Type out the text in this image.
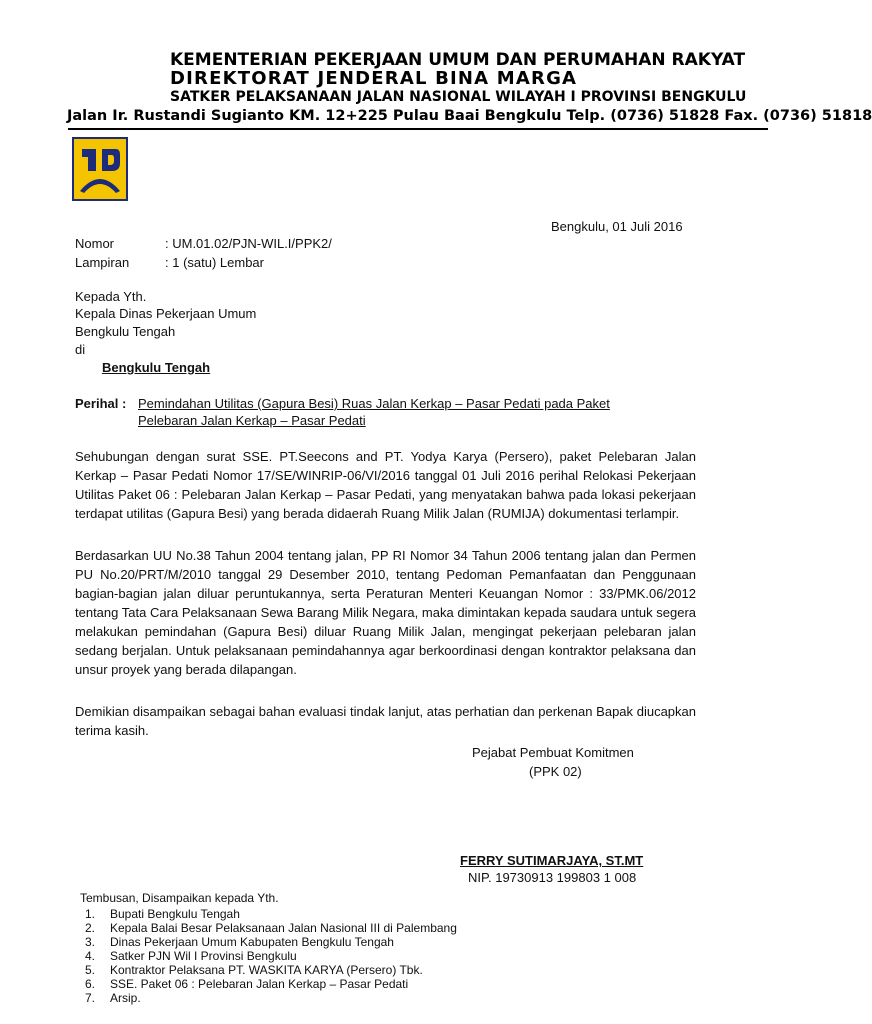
KEMENTERIAN PEKERJAAN UMUM DAN PERUMAHAN RAKYAT
DIREKTORAT JENDERAL BINA MARGA
SATKER PELAKSANAAN JALAN NASIONAL WILAYAH I PROVINSI BENGKULU
Jalan Ir. Rustandi Sugianto KM. 12+225 Pulau Baai Bengkulu Telp. (0736) 51828 Fax. (0736) 51818
Bengkulu, 01 Juli 2016
Nomor	: UM.01.02/PJN-WIL.I/PPK2/
Lampiran	: 1 (satu) Lembar
Kepada Yth.
Kepala Dinas Pekerjaan Umum
Bengkulu Tengah
di
Bengkulu Tengah
Perihal : Pemindahan Utilitas (Gapura Besi) Ruas Jalan Kerkap – Pasar Pedati pada Paket
Pelebaran Jalan Kerkap – Pasar Pedati
Sehubungan dengan surat SSE. PT.Seecons and PT. Yodya Karya (Persero), paket Pelebaran Jalan Kerkap – Pasar Pedati Nomor 17/SE/WINRIP-06/VI/2016 tanggal 01 Juli 2016 perihal Relokasi Pekerjaan Utilitas Paket 06 : Pelebaran Jalan Kerkap – Pasar Pedati, yang menyatakan bahwa pada lokasi pekerjaan terdapat utilitas (Gapura Besi) yang berada didaerah Ruang Milik Jalan (RUMIJA) dokumentasi terlampir.
Berdasarkan UU No.38 Tahun 2004 tentang jalan, PP RI Nomor 34 Tahun 2006 tentang jalan dan Permen PU No.20/PRT/M/2010 tanggal 29 Desember 2010, tentang Pedoman Pemanfaatan dan Penggunaan bagian-bagian jalan diluar peruntukannya, serta Peraturan Menteri Keuangan Nomor : 33/PMK.06/2012 tentang Tata Cara Pelaksanaan Sewa Barang Milik Negara, maka dimintakan kepada saudara untuk segera melakukan pemindahan (Gapura Besi) diluar Ruang Milik Jalan, mengingat pekerjaan pelebaran jalan sedang berjalan. Untuk pelaksanaan pemindahannya agar berkoordinasi dengan kontraktor pelaksana dan unsur proyek yang berada dilapangan.
Demikian disampaikan sebagai bahan evaluasi tindak lanjut, atas perhatian dan perkenan Bapak diucapkan terima kasih.
Pejabat Pembuat Komitmen
(PPK 02)
FERRY SUTIMARJAYA, ST.MT
NIP. 19730913 199803 1 008
Tembusan, Disampaikan kepada Yth.
1. Bupati Bengkulu Tengah
2. Kepala Balai Besar Pelaksanaan Jalan Nasional III di Palembang
3. Dinas Pekerjaan Umum Kabupaten Bengkulu Tengah
4. Satker PJN Wil I Provinsi Bengkulu
5. Kontraktor Pelaksana PT. WASKITA KARYA (Persero) Tbk.
6. SSE. Paket 06 : Pelebaran Jalan Kerkap – Pasar Pedati
7. Arsip.
